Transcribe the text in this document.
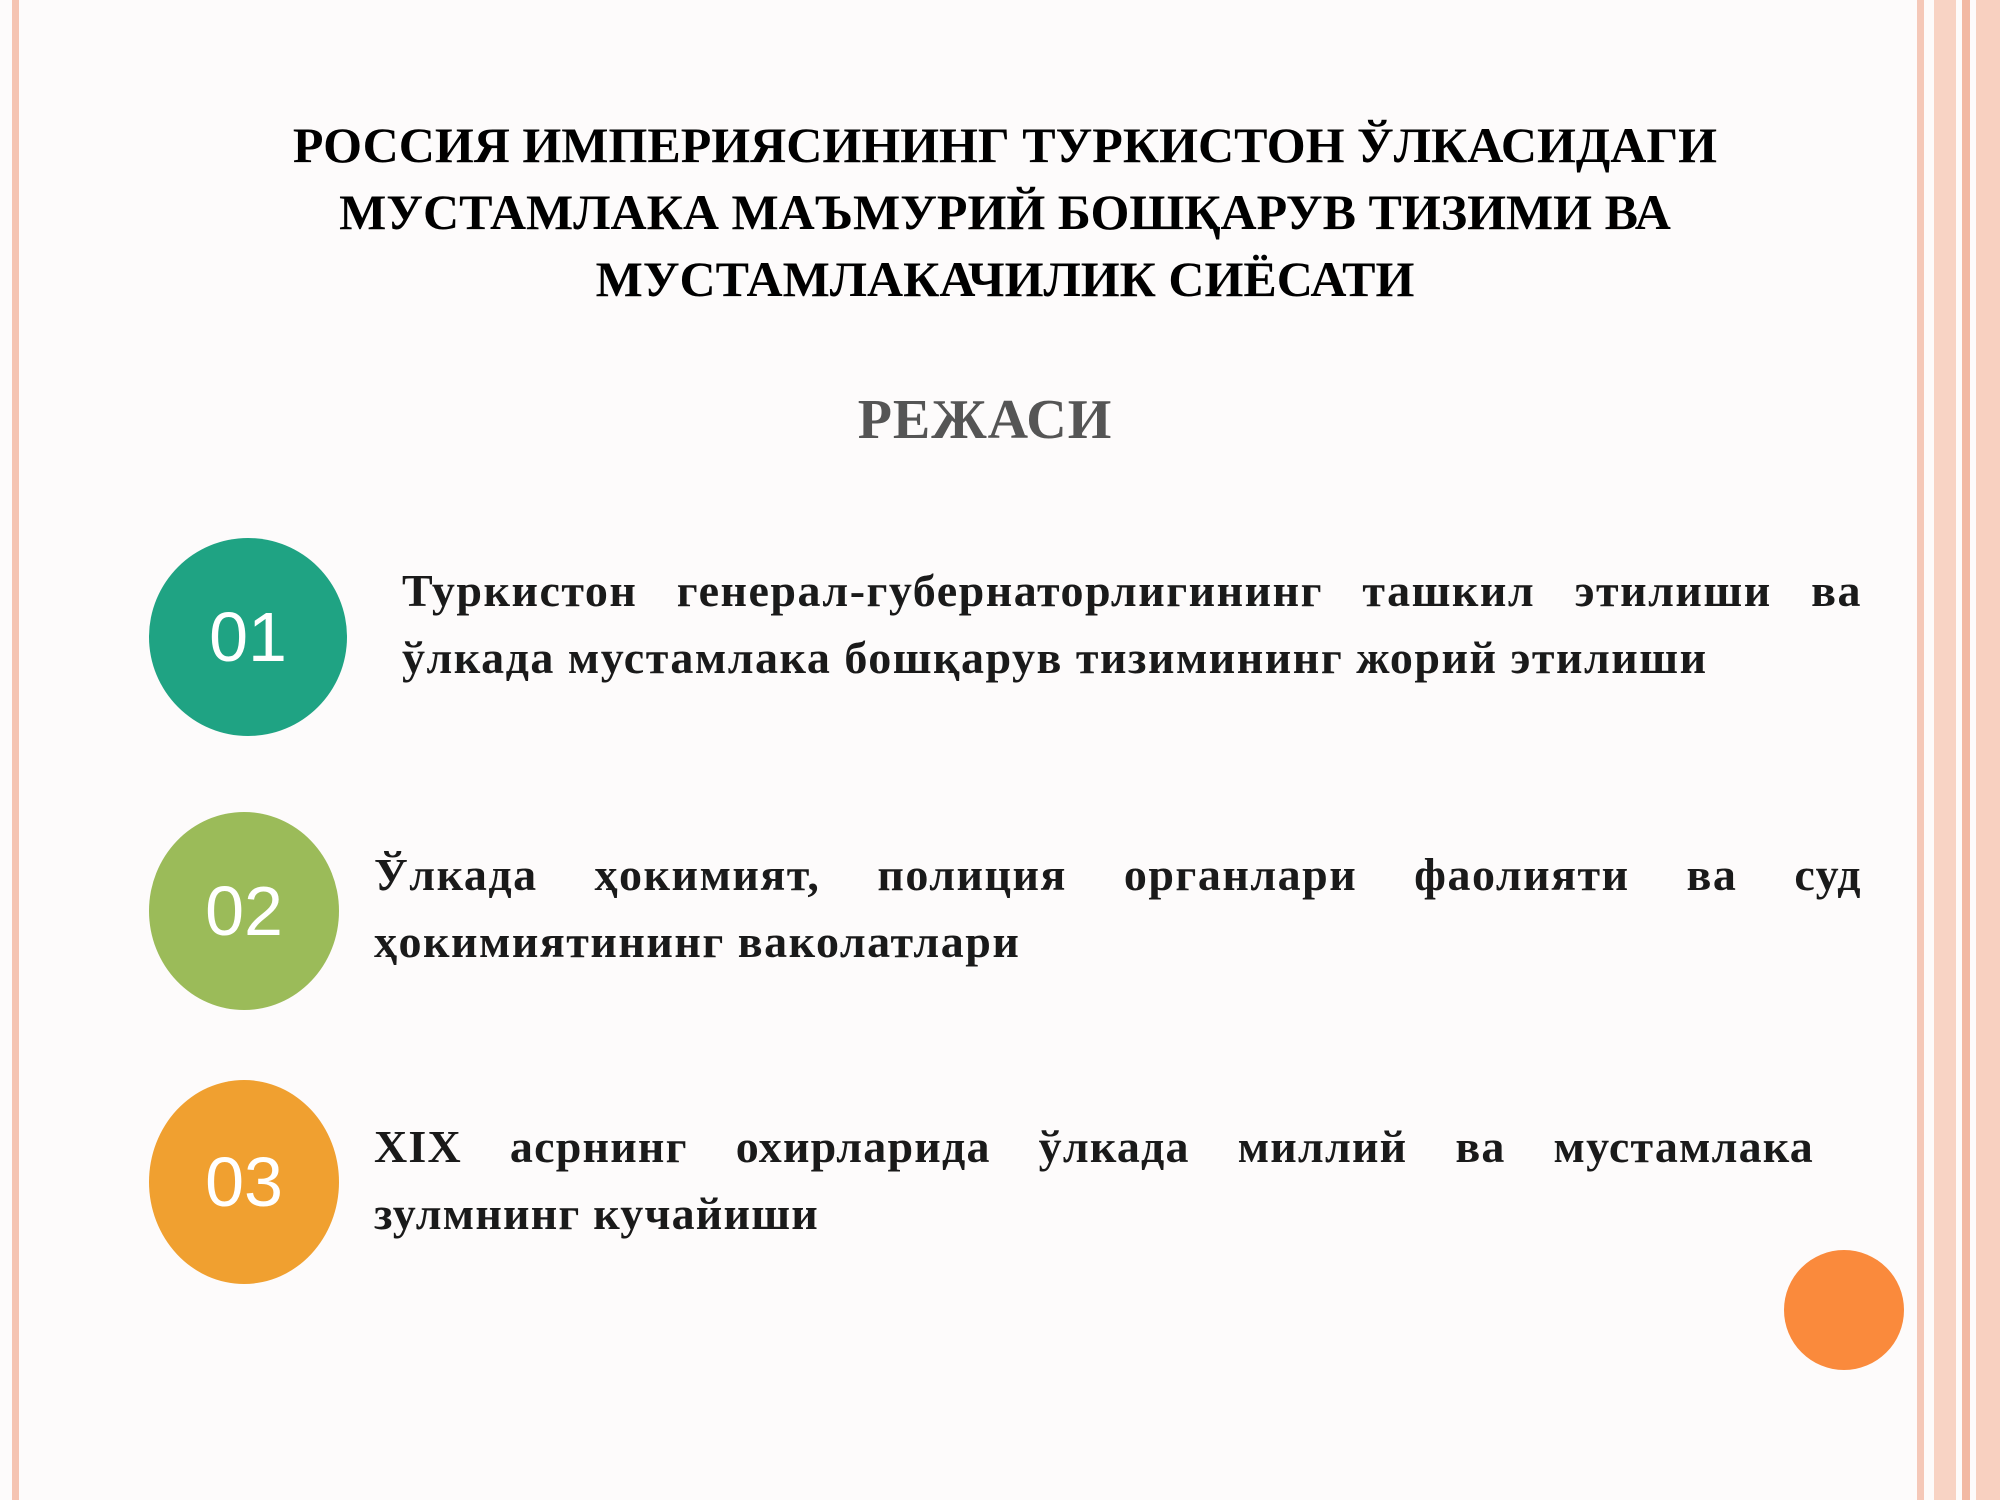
РОССИЯ ИМПЕРИЯСИНИНГ ТУРКИСТОН ЎЛКАСИДАГИ МУСТАМЛАКА МАЪМУРИЙ БОШҚАРУВ ТИЗИМИ ВА МУСТАМЛАКАЧИЛИК СИЁСАТИ
РЕЖАСИ
01

Туркистон генерал-губернаторлигининг ташкил этилиши ва ўлкада мустамлака бошқарув тизимининг жорий этилиши

02	Ўлкада ҳокимият, полиция органлари фаолияти ва суд ҳокимиятининг ваколатлари

03	XIX асрнинг охирларида ўлкада миллий ва мустамлака зулмнинг кучайиши
